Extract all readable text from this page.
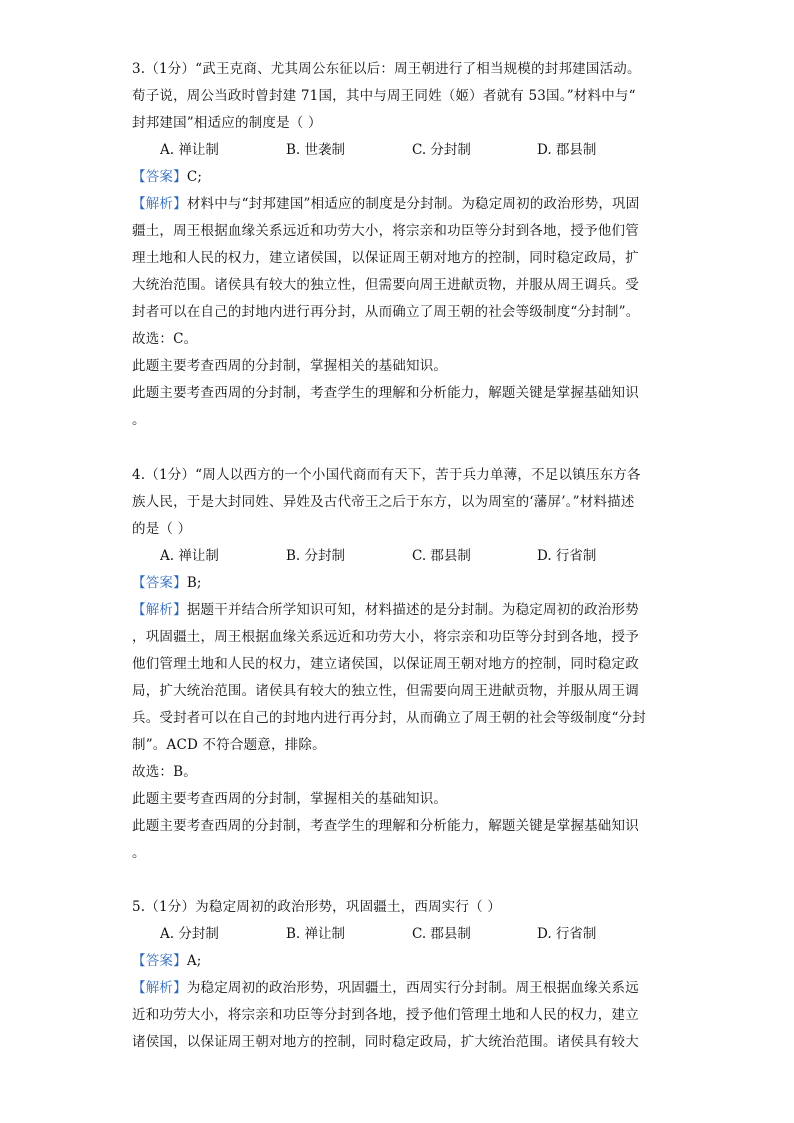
3.（1分）“武王克商、尤其周公东征以后：周王朝进行了相当规模的封邦建国活动。
荀子说，周公当政时曾封建 71国，其中与周王同姓（姬）者就有 53国。”材料中与“
封邦建国”相适应的制度是（ ）
A. 禅让制	B. 世袭制	C. 分封制	D. 郡县制
【答案】C;
【解析】材料中与“封邦建国”相适应的制度是分封制。为稳定周初的政治形势，巩固
疆土，周王根据血缘关系远近和功劳大小，将宗亲和功臣等分封到各地，授予他们管
理土地和人民的权力，建立诸侯国，以保证周王朝对地方的控制，同时稳定政局，扩
大统治范围。诸侯具有较大的独立性，但需要向周王进献贡物，并服从周王调兵。受
封者可以在自己的封地内进行再分封，从而确立了周王朝的社会等级制度“分封制”。
故选：C。
此题主要考查西周的分封制，掌握相关的基础知识。
此题主要考查西周的分封制，考查学生的理解和分析能力，解题关键是掌握基础知识
。
4.（1分）“周人以西方的一个小国代商而有天下，苦于兵力单薄，不足以镇压东方各
族人民，于是大封同姓、异姓及古代帝王之后于东方，以为周室的‘藩屏’。”材料描述
的是（ ）
A. 禅让制	B. 分封制	C. 郡县制	D. 行省制
【答案】B;
【解析】据题干并结合所学知识可知，材料描述的是分封制。为稳定周初的政治形势
，巩固疆土，周王根据血缘关系远近和功劳大小，将宗亲和功臣等分封到各地，授予
他们管理土地和人民的权力，建立诸侯国，以保证周王朝对地方的控制，同时稳定政
局，扩大统治范围。诸侯具有较大的独立性，但需要向周王进献贡物，并服从周王调
兵。受封者可以在自己的封地内进行再分封，从而确立了周王朝的社会等级制度“分封
制”。ACD 不符合题意，排除。
故选：B。
此题主要考查西周的分封制，掌握相关的基础知识。
此题主要考查西周的分封制，考查学生的理解和分析能力，解题关键是掌握基础知识
。
5.（1分）为稳定周初的政治形势，巩固疆土，西周实行（ ）
A. 分封制	B. 禅让制	C. 郡县制	D. 行省制
【答案】A;
【解析】为稳定周初的政治形势，巩固疆土，西周实行分封制。周王根据血缘关系远
近和功劳大小，将宗亲和功臣等分封到各地，授予他们管理土地和人民的权力，建立
诸侯国，以保证周王朝对地方的控制，同时稳定政局，扩大统治范围。诸侯具有较大
